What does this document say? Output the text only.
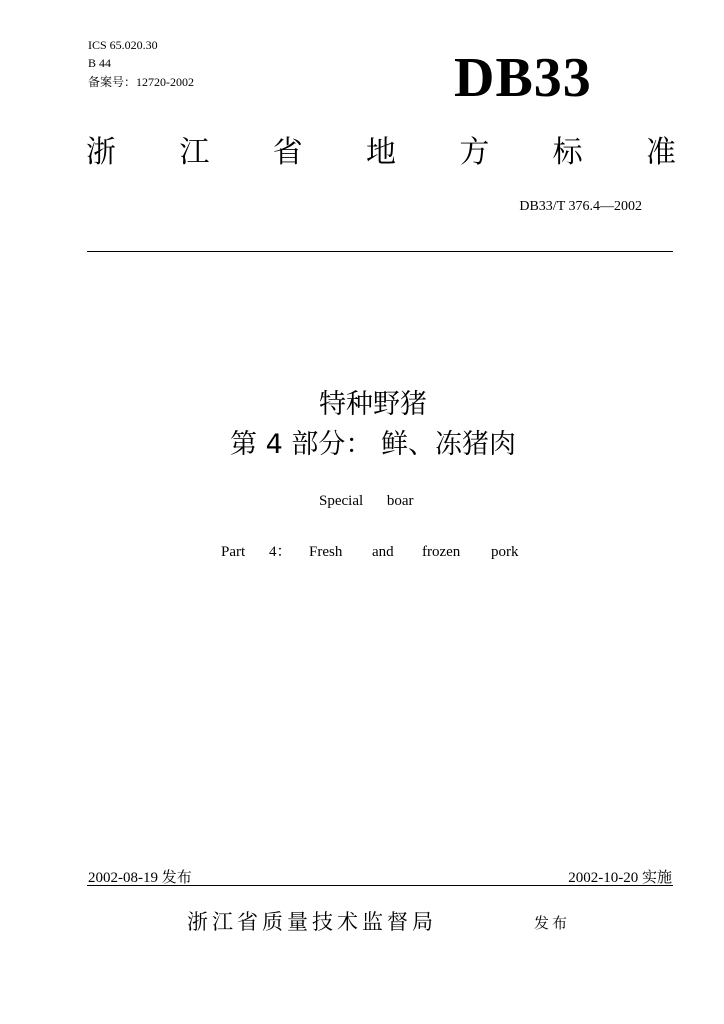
ICS 65.020.30
B 44
备案号：12720-2002	DB33
浙 江 省 地 方 标 准
DB33/T 376.4—2002
特种野猪
第 4 部分： 鲜、冻猪肉
Special boar
Part 4： Fresh and frozen pork
2002-08-19 发布	2002-10-20 实施
浙江省质量技术监督局	发布
